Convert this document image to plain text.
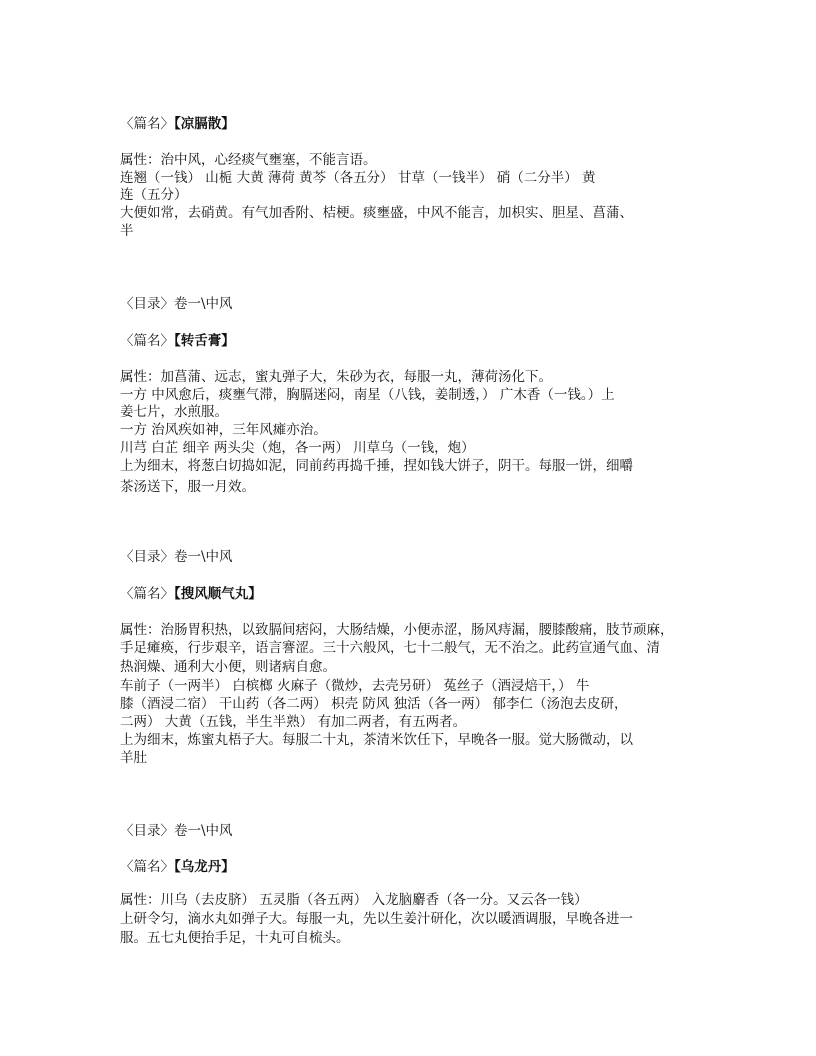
〈篇名〉【凉膈散】
属性：治中风，心经痰气壅塞，不能言语。
连翘（一钱） 山栀 大黄 薄荷 黄芩（各五分） 甘草（一钱半） 硝（二分半） 黄
连（五分）
大便如常，去硝黄。有气加香附、桔梗。痰壅盛，中风不能言，加枳实、胆星、菖蒲、
半
〈目录〉卷一\中风
〈篇名〉【转舌膏】
属性：加菖蒲、远志，蜜丸弹子大，朱砂为衣，每服一丸，薄荷汤化下。
一方 中风愈后，痰壅气滞，胸膈迷闷，南星（八钱，姜制透，） 广木香（一钱。）上
姜七片，水煎服。
一方 治风疾如神，三年风瘫亦治。
川芎 白芷 细辛 两头尖（炮，各一两） 川草乌（一钱，炮）
上为细末，将葱白切捣如泥，同前药再捣千捶，捏如钱大饼子，阴干。每服一饼，细嚼
茶汤送下，服一月效。
〈目录〉卷一\中风
〈篇名〉【搜风顺气丸】
属性：治肠胃积热，以致膈间痞闷，大肠结燥，小便赤涩，肠风痔漏，腰膝酸痛，肢节顽麻，
手足瘫痪，行步艰辛，语言謇涩。三十六般风，七十二般气，无不治之。此药宣通气血、清
热润燥、通利大小便，则诸病自愈。
车前子（一两半） 白槟榔 火麻子（微炒，去壳另研） 菟丝子（酒浸焙干，） 牛
膝（酒浸二宿） 干山药（各二两） 枳壳 防风 独活（各一两） 郁李仁（汤泡去皮研，
二两） 大黄（五钱，半生半熟） 有加二两者，有五两者。
上为细末，炼蜜丸梧子大。每服二十丸，茶清米饮任下，早晚各一服。觉大肠微动，以
羊肚
〈目录〉卷一\中风
〈篇名〉【乌龙丹】
属性：川乌（去皮脐） 五灵脂（各五两） 入龙脑麝香（各一分。又云各一钱）
上研令匀，滴水丸如弹子大。每服一丸，先以生姜汁研化，次以暖酒调服，早晚各进一
服。五七丸便抬手足，十丸可自梳头。
